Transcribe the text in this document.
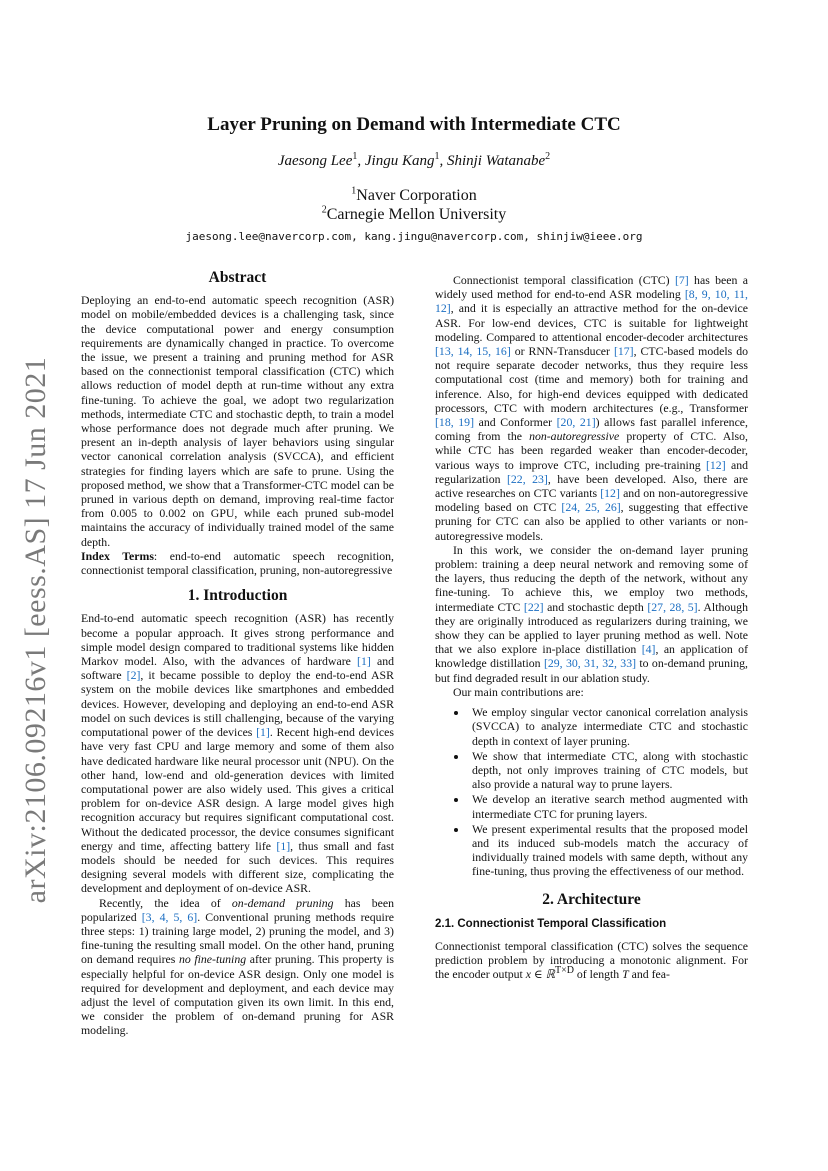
arXiv:2106.09216v1 [eess.AS] 17 Jun 2021
Layer Pruning on Demand with Intermediate CTC
Jaesong Lee$^1$, Jingu Kang$^1$, Shinji Watanabe$^2$
$^1$Naver Corporation
$^2$Carnegie Mellon University
jaesong.lee@navercorp.com, kang.jingu@navercorp.com, shinjiw@ieee.org
Abstract

Deploying an end-to-end automatic speech recognition (ASR) model on mobile/embedded devices is a challenging task, since the device computational power and energy consumption requirements are dynamically changed in practice. To overcome the issue, we present a training and pruning method for ASR based on the connectionist temporal classification (CTC) which allows reduction of model depth at run-time without any extra fine-tuning. To achieve the goal, we adopt two regularization methods, intermediate CTC and stochastic depth, to train a model whose performance does not degrade much after pruning. We present an in-depth analysis of layer behaviors using singular vector canonical correlation analysis (SVCCA), and efficient strategies for finding layers which are safe to prune. Using the proposed method, we show that a Transformer-CTC model can be pruned in various depth on demand, improving real-time factor from 0.005 to 0.002 on GPU, while each pruned sub-model maintains the accuracy of individually trained model of the same depth.

Index Terms: end-to-end automatic speech recognition, connectionist temporal classification, pruning, non-autoregressive

1. Introduction

End-to-end automatic speech recognition (ASR) has recently become a popular approach. It gives strong performance and simple model design compared to traditional systems like hidden Markov model. Also, with the advances of hardware [1] and software [2], it became possible to deploy the end-to-end ASR system on the mobile devices like smartphones and embedded devices. However, developing and deploying an end-to-end ASR model on such devices is still challenging, because of the varying computational power of the devices [1]. Recent high-end devices have very fast CPU and large memory and some of them also have dedicated hardware like neural processor unit (NPU). On the other hand, low-end and old-generation devices with limited computational power are also widely used. This gives a critical problem for on-device ASR design. A large model gives high recognition accuracy but requires significant computational cost. Without the dedicated processor, the device consumes significant energy and time, affecting battery life [1], thus small and fast models should be needed for such devices. This requires designing several models with different size, complicating the development and deployment of on-device ASR.

Recently, the idea of on-demand pruning has been popularized [3, 4, 5, 6]. Conventional pruning methods require three steps: 1) training large model, 2) pruning the model, and 3) fine-tuning the resulting small model. On the other hand, pruning on demand requires no fine-tuning after pruning. This property is especially helpful for on-device ASR design. Only one model is required for development and deployment, and each device may adjust the level of computation given its own limit. In this end, we consider the problem of on-demand pruning for ASR modeling.

Connectionist temporal classification (CTC) [7] has been a widely used method for end-to-end ASR modeling [8, 9, 10, 11, 12], and it is especially an attractive method for the on-device ASR. For low-end devices, CTC is suitable for lightweight modeling. Compared to attentional encoder-decoder architectures [13, 14, 15, 16] or RNN-Transducer [17], CTC-based models do not require separate decoder networks, thus they require less computational cost (time and memory) both for training and inference. Also, for high-end devices equipped with dedicated processors, CTC with modern architectures (e.g., Transformer [18, 19] and Conformer [20, 21]) allows fast parallel inference, coming from the non-autoregressive property of CTC. Also, while CTC has been regarded weaker than encoder-decoder, various ways to improve CTC, including pre-training [12] and regularization [22, 23], have been developed. Also, there are active researches on CTC variants [12] and on non-autoregressive modeling based on CTC [24, 25, 26], suggesting that effective pruning for CTC can also be applied to other variants or non-autoregressive models.

In this work, we consider the on-demand layer pruning problem: training a deep neural network and removing some of the layers, thus reducing the depth of the network, without any fine-tuning. To achieve this, we employ two methods, intermediate CTC [22] and stochastic depth [27, 28, 5]. Although they are originally introduced as regularizers during training, we show they can be applied to layer pruning method as well. Note that we also explore in-place distillation [4], an application of knowledge distillation [29, 30, 31, 32, 33] to on-demand pruning, but find degraded result in our ablation study.

Our main contributions are:

• We employ singular vector canonical correlation analysis (SVCCA) to analyze intermediate CTC and stochastic depth in context of layer pruning.
• We show that intermediate CTC, along with stochastic depth, not only improves training of CTC models, but also provide a natural way to prune layers.
• We develop an iterative search method augmented with intermediate CTC for pruning layers.
• We present experimental results that the proposed model and its induced sub-models match the accuracy of individually trained models with same depth, without any fine-tuning, thus proving the effectiveness of our method.
2. Architecture
2.1. Connectionist Temporal Classification

Connectionist temporal classification (CTC) solves the sequence prediction problem by introducing a monotonic alignment. For the encoder output x ∈ ℝ$^{T\times D}$ of length T and fea-
